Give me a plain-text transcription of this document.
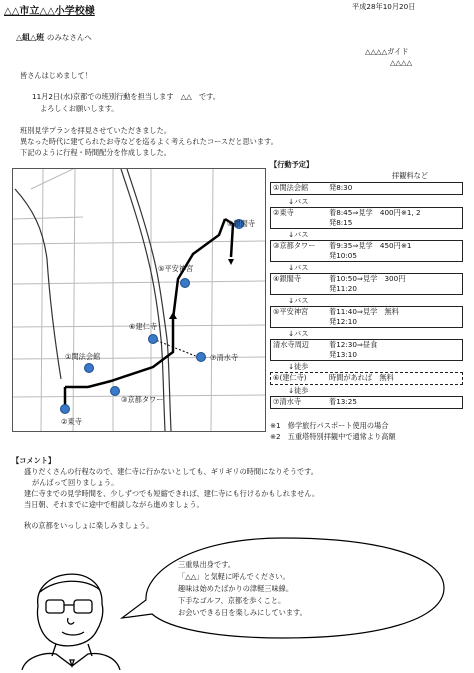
△△市立△△小学校様	平成28年10月20日
△組△班 のみなさんへ
△△△△ガイド
△△△△
皆さんはじめまして！
11月2日(水)京都での班別行動を担当します　△△　です。
よろしくお願いします。
班別見学プランを拝見させていただきました。
異なった時代に建てられたお寺などを巡るよく考えられたコースだと思います。
下記のように行程・時間配分を作成しました。
④銀閣寺
⑤平安神宮
⑥建仁寺
⑦清水寺
①関法会館
②東寺
③京都タワー
【行動予定】
拝観料など
①関法会館	発8:30
↓バス
②東寺	着8:45⇒見学　400円※1, 2
発8:15
↓バス
③京都タワー 着9:35⇒見学　450円※1
発10:05
↓バス
④銀閣寺	着10:50⇒見学　300円
発11:20
↓バス
⑤平安神宮	着11:40⇒見学　無料
発12:10
↓バス
清水寺周辺	着12:30⇒昼食
発13:10
↓徒歩
⑥(建仁寺)	時間があれば　無料
↓徒歩
⑦清水寺	着13:25
※1　修学旅行パスポート使用の場合
※2　五重塔特別拝観中で通常より高額
【コメント】
盛りだくさんの行程なので、建仁寺に行かないとしても、ギリギリの時間になりそうです。
がんばって回りましょう。
建仁寺までの見学時間を、少しずつでも短縮できれば、建仁寺にも行けるかもしれません。
当日朝、それまでに途中で相談しながら進めましょう。
秋の京都をいっしょに楽しみましょう。
三重県出身です。
「△△」と気軽に呼んでください。
趣味は始めたばかりの津軽三味線。
下手なゴルフ、京都を歩くこと。
お会いできる日を楽しみにしています。
